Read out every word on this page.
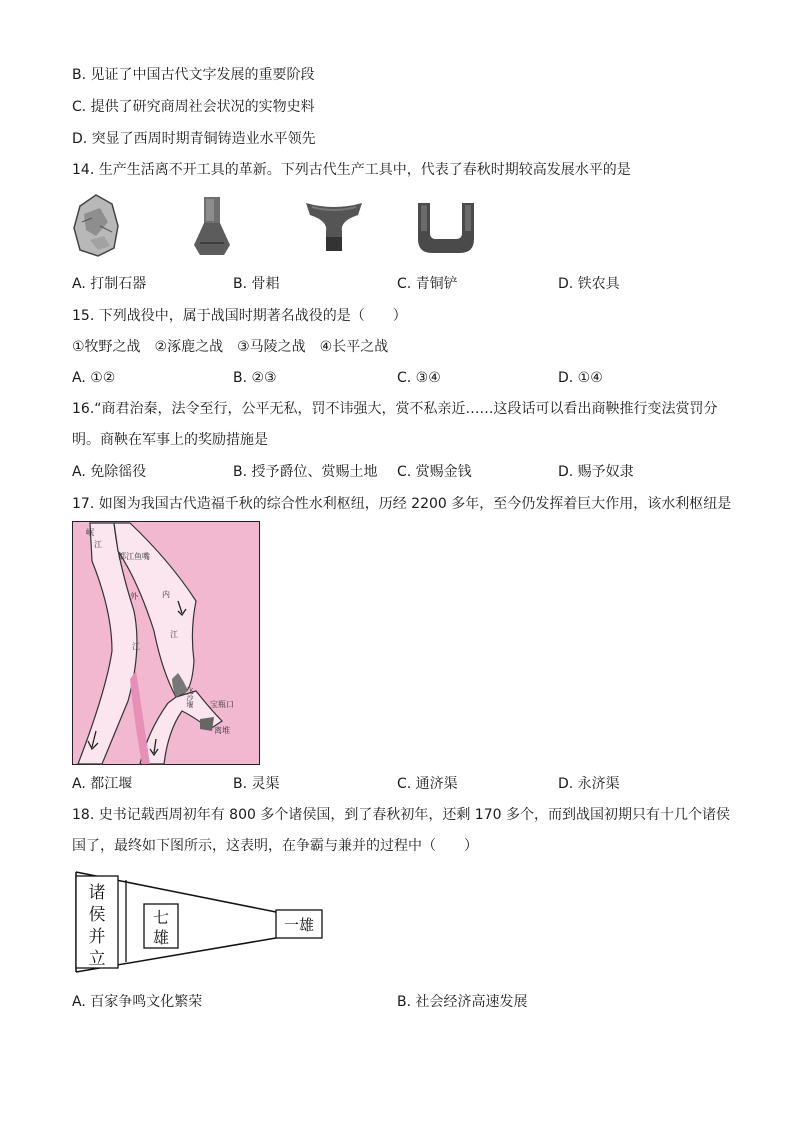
B. 见证了中国古代文字发展的重要阶段
C. 提供了研究商周社会状况的实物史料
D. 突显了西周时期青铜铸造业水平领先
14. 生产生活离不开工具的革新。下列古代生产工具中，代表了春秋时期较高发展水平的是
A. 打制石器	B. 骨耜	C. 青铜铲	D. 铁农具
15. 下列战役中，属于战国时期著名战役的是（　　）
①牧野之战　②涿鹿之战　③马陵之战　④长平之战
A. ①②	B. ②③	C. ③④	D. ①④
16.“商君治秦，法令至行，公平无私，罚不讳强大，赏不私亲近……这段话可以看出商鞅推行变法赏罚分
明。商鞅在军事上的奖励措施是
A. 免除徭役	B. 授予爵位、赏赐土地 C. 赏赐金钱	D. 赐予奴隶
17. 如图为我国古代造福千秋的综合性水利枢纽，历经 2200 多年，至今仍发挥着巨大作用，该水利枢纽是
岷
江
都江鱼嘴
外
江
内
江
飞沙堰 宝瓶口
离堆
A. 都江堰	B. 灵渠	C. 通济渠	D. 永济渠
18. 史书记载西周初年有 800 多个诸侯国，到了春秋初年，还剩 170 多个，而到战国初期只有十几个诸侯
国了，最终如下图所示，这表明，在争霸与兼并的过程中（　　）
诸
侯
并
立
七
雄
一雄
A. 百家争鸣文化繁荣	B. 社会经济高速发展
